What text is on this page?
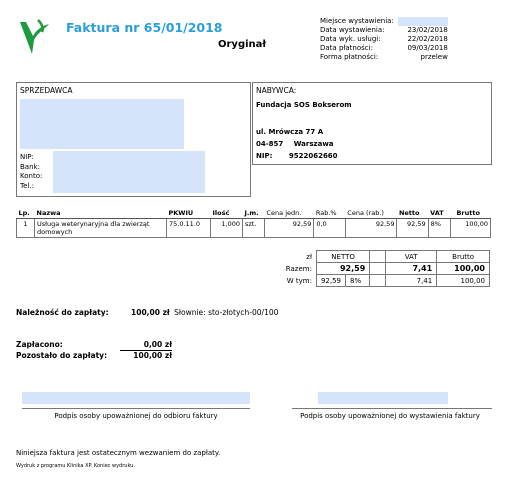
Faktura nr 65/01/2018
Oryginał
Miejsce wystawienia:	

Data wystawienia:	23/02/2018
Data wyk. usługi:	22/02/2018
Data płatności:	09/03/2018
Forma płatności:	przelew
SPRZEDAWCA
NIP:
Bank:
Konto:
Tel.:
NABYWCA:
Fundacja SOS Bokserom
ul. Mrówcza 77 A
04-857 Warszawa
NIP: 9522062660
Lp.	Nazwa	PKWIU	Ilość	J.m.	Cena jedn.	Rab.%	Cena (rab.)	Netto	VAT	Brutto
1	Usługa weterynaryjna dla zwierząt domowych	75.0.11.0	1,000	szt.	92,59	0,0	92,59	92,59	8%	100,00
zł	NETTO			VAT	Brutto
Razem:	92,59			7,41	100,00
W tym:	92,59	8%		7,41	100,00
Należność do zapłaty:	100,00 zł Słownie: sto-złotych-00/100
Zapłacono:	0,00 zł
Pozostało do zapłaty:	100,00 zł
Podpis osoby upoważnionej do odbioru faktury	Podpis osoby upoważnionej do wystawienia faktury
Niniejsza faktura jest ostatecznym wezwaniem do zapłaty.
Wydruk z programu Klinika XP. Koniec wydruku.
